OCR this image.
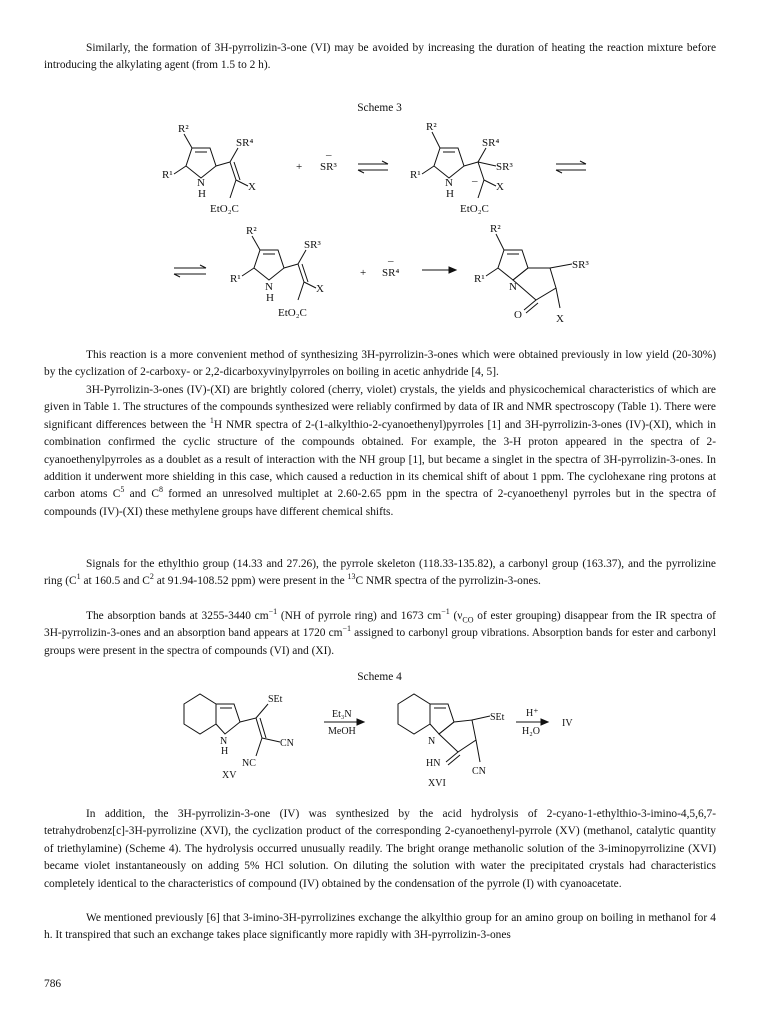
Similarly, the formation of 3H-pyrrolizin-3-one (VI) may be avoided by increasing the duration of heating the reaction mixture before introducing the alkylating agent (from 1.5 to 2 h).

Scheme 3
R²
R¹
N
H
SR⁴
X
EtO₂C
+ SR³
–
R²
R¹
N
H
SR⁴
SR³
– X
EtO₂C
R²
R¹
N
H
SR³
X
EtO₂C
+ SR⁴
–
R²
R¹
N
SR³
O	X

This reaction is a more convenient method of synthesizing 3H-pyrrolizin-3-ones which were obtained previously in low yield (20-30%) by the cyclization of 2-carboxy- or 2,2-dicarboxyvinylpyrroles on boiling in acetic anhydride [4, 5].

3H-Pyrrolizin-3-ones (IV)-(XI) are brightly colored (cherry, violet) crystals, the yields and physicochemical characteristics of which are given in Table 1. The structures of the compounds synthesized were reliably confirmed by data of IR and NMR spectroscopy (Table 1). There were significant differences between the $^1$H NMR spectra of 2-(1-alkylthio-2-cyanoethenyl)pyrroles [1] and 3H-pyrrolizin-3-ones (IV)-(XI), which in combination confirmed the cyclic structure of the compounds obtained. For example, the 3-H proton appeared in the spectra of 2-cyanoethenylpyrroles as a doublet as a result of interaction with the NH group [1], but became a singlet in the spectra of 3H-pyrrolizin-3-ones. In addition it underwent more shielding in this case, which caused a reduction in its chemical shift of about 1 ppm. The cyclohexane ring protons at carbon atoms $C^5$ and $C^8$ formed an unresolved multiplet at 2.60-2.65 ppm in the spectra of 2-cyanoethenyl pyrroles but in the spectra of compounds (IV)-(XI) these methylene groups have different chemical shifts.

Signals for the ethylthio group (14.33 and 27.26), the pyrrole skeleton (118.33-135.82), a carbonyl group (163.37), and the pyrrolizine ring ($C^1$ at 160.5 and $C^2$ at 91.94-108.52 ppm) were present in the $^{13}$C NMR spectra of the pyrrolizin-3-ones.

The absorption bands at 3255-3440 $cm^{-1}$ (NH of pyrrole ring) and 1673 $cm^{-1}$ ($\nu_{CO}$ of ester grouping) disappear from the IR spectra of 3H-pyrrolizin-3-ones and an absorption band appears at 1720 $cm^{-1}$ assigned to carbonyl group vibrations. Absorption bands for ester and carbonyl groups were present in the spectra of compounds (VI) and (XI).

Scheme 4
SEt
N
H
CN
NC
XV
Et₃N
MeOH
N
SEt
HN
CN
XVI
H⁺
H₂O
IV

In addition, the 3H-pyrrolizin-3-one (IV) was synthesized by the acid hydrolysis of 2-cyano-1-ethylthio-3-imino-4,5,6,7-tetrahydrobenz[c]-3H-pyrrolizine (XVI), the cyclization product of the corresponding 2-cyanoethenyl-pyrrole (XV) (methanol, catalytic quantity of triethylamine) (Scheme 4). The hydrolysis occurred unusually readily. The bright orange methanolic solution of the 3-iminopyrrolizine (XVI) became violet instantaneously on adding 5% HCl solution. On diluting the solution with water the precipitated crystals had characteristics completely identical to the characteristics of compound (IV) obtained by the condensation of the pyrrole (I) with cyanoacetate.

We mentioned previously [6] that 3-imino-3H-pyrrolizines exchange the alkylthio group for an amino group on boiling in methanol for 4 h. It transpired that such an exchange takes place significantly more rapidly with 3H-pyrrolizin-3-ones

786
